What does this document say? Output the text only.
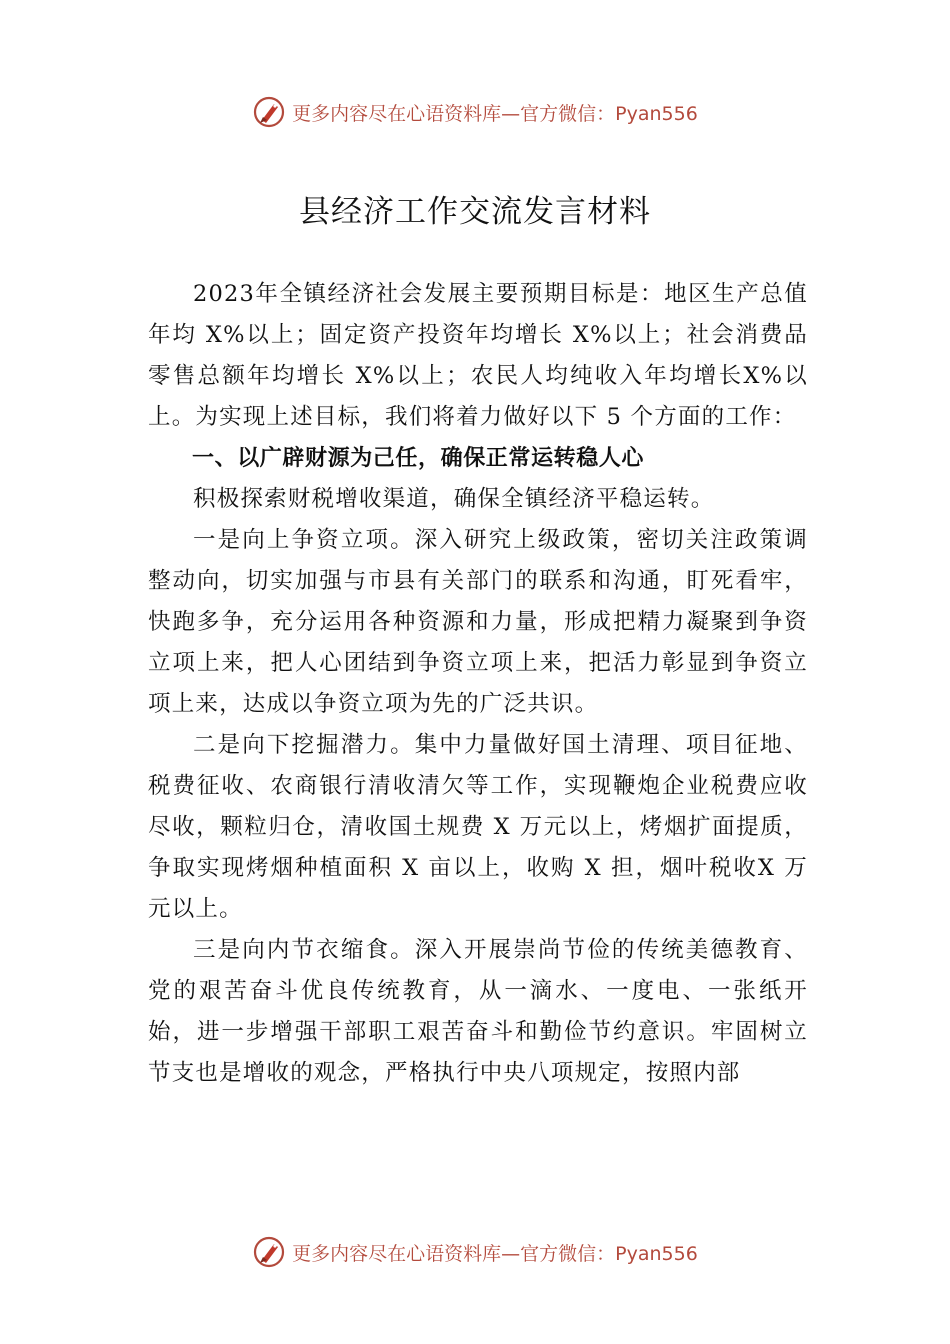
更多内容尽在心语资料库—官方微信：Pyan556
县经济工作交流发言材料

2023年全镇经济社会发展主要预期目标是：地区生产总值年均 X%以上；固定资产投资年均增长 X%以上；社会消费品零售总额年均增长 X%以上；农民人均纯收入年均增长X%以上。为实现上述目标，我们将着力做好以下 5 个方面的工作：

一、以广辟财源为己任，确保正常运转稳人心

积极探索财税增收渠道，确保全镇经济平稳运转。

一是向上争资立项。深入研究上级政策，密切关注政策调整动向，切实加强与市县有关部门的联系和沟通，盯死看牢，快跑多争，充分运用各种资源和力量，形成把精力凝聚到争资立项上来，把人心团结到争资立项上来，把活力彰显到争资立项上来，达成以争资立项为先的广泛共识。

二是向下挖掘潜力。集中力量做好国土清理、项目征地、税费征收、农商银行清收清欠等工作，实现鞭炮企业税费应收尽收，颗粒归仓，清收国土规费 X 万元以上，烤烟扩面提质，争取实现烤烟种植面积 X 亩以上，收购 X 担，烟叶税收X 万元以上。

三是向内节衣缩食。深入开展崇尚节俭的传统美德教育、党的艰苦奋斗优良传统教育，从一滴水、一度电、一张纸开始，进一步增强干部职工艰苦奋斗和勤俭节约意识。牢固树立节支也是增收的观念，严格执行中央八项规定，按照内部

更多内容尽在心语资料库—官方微信：Pyan556
